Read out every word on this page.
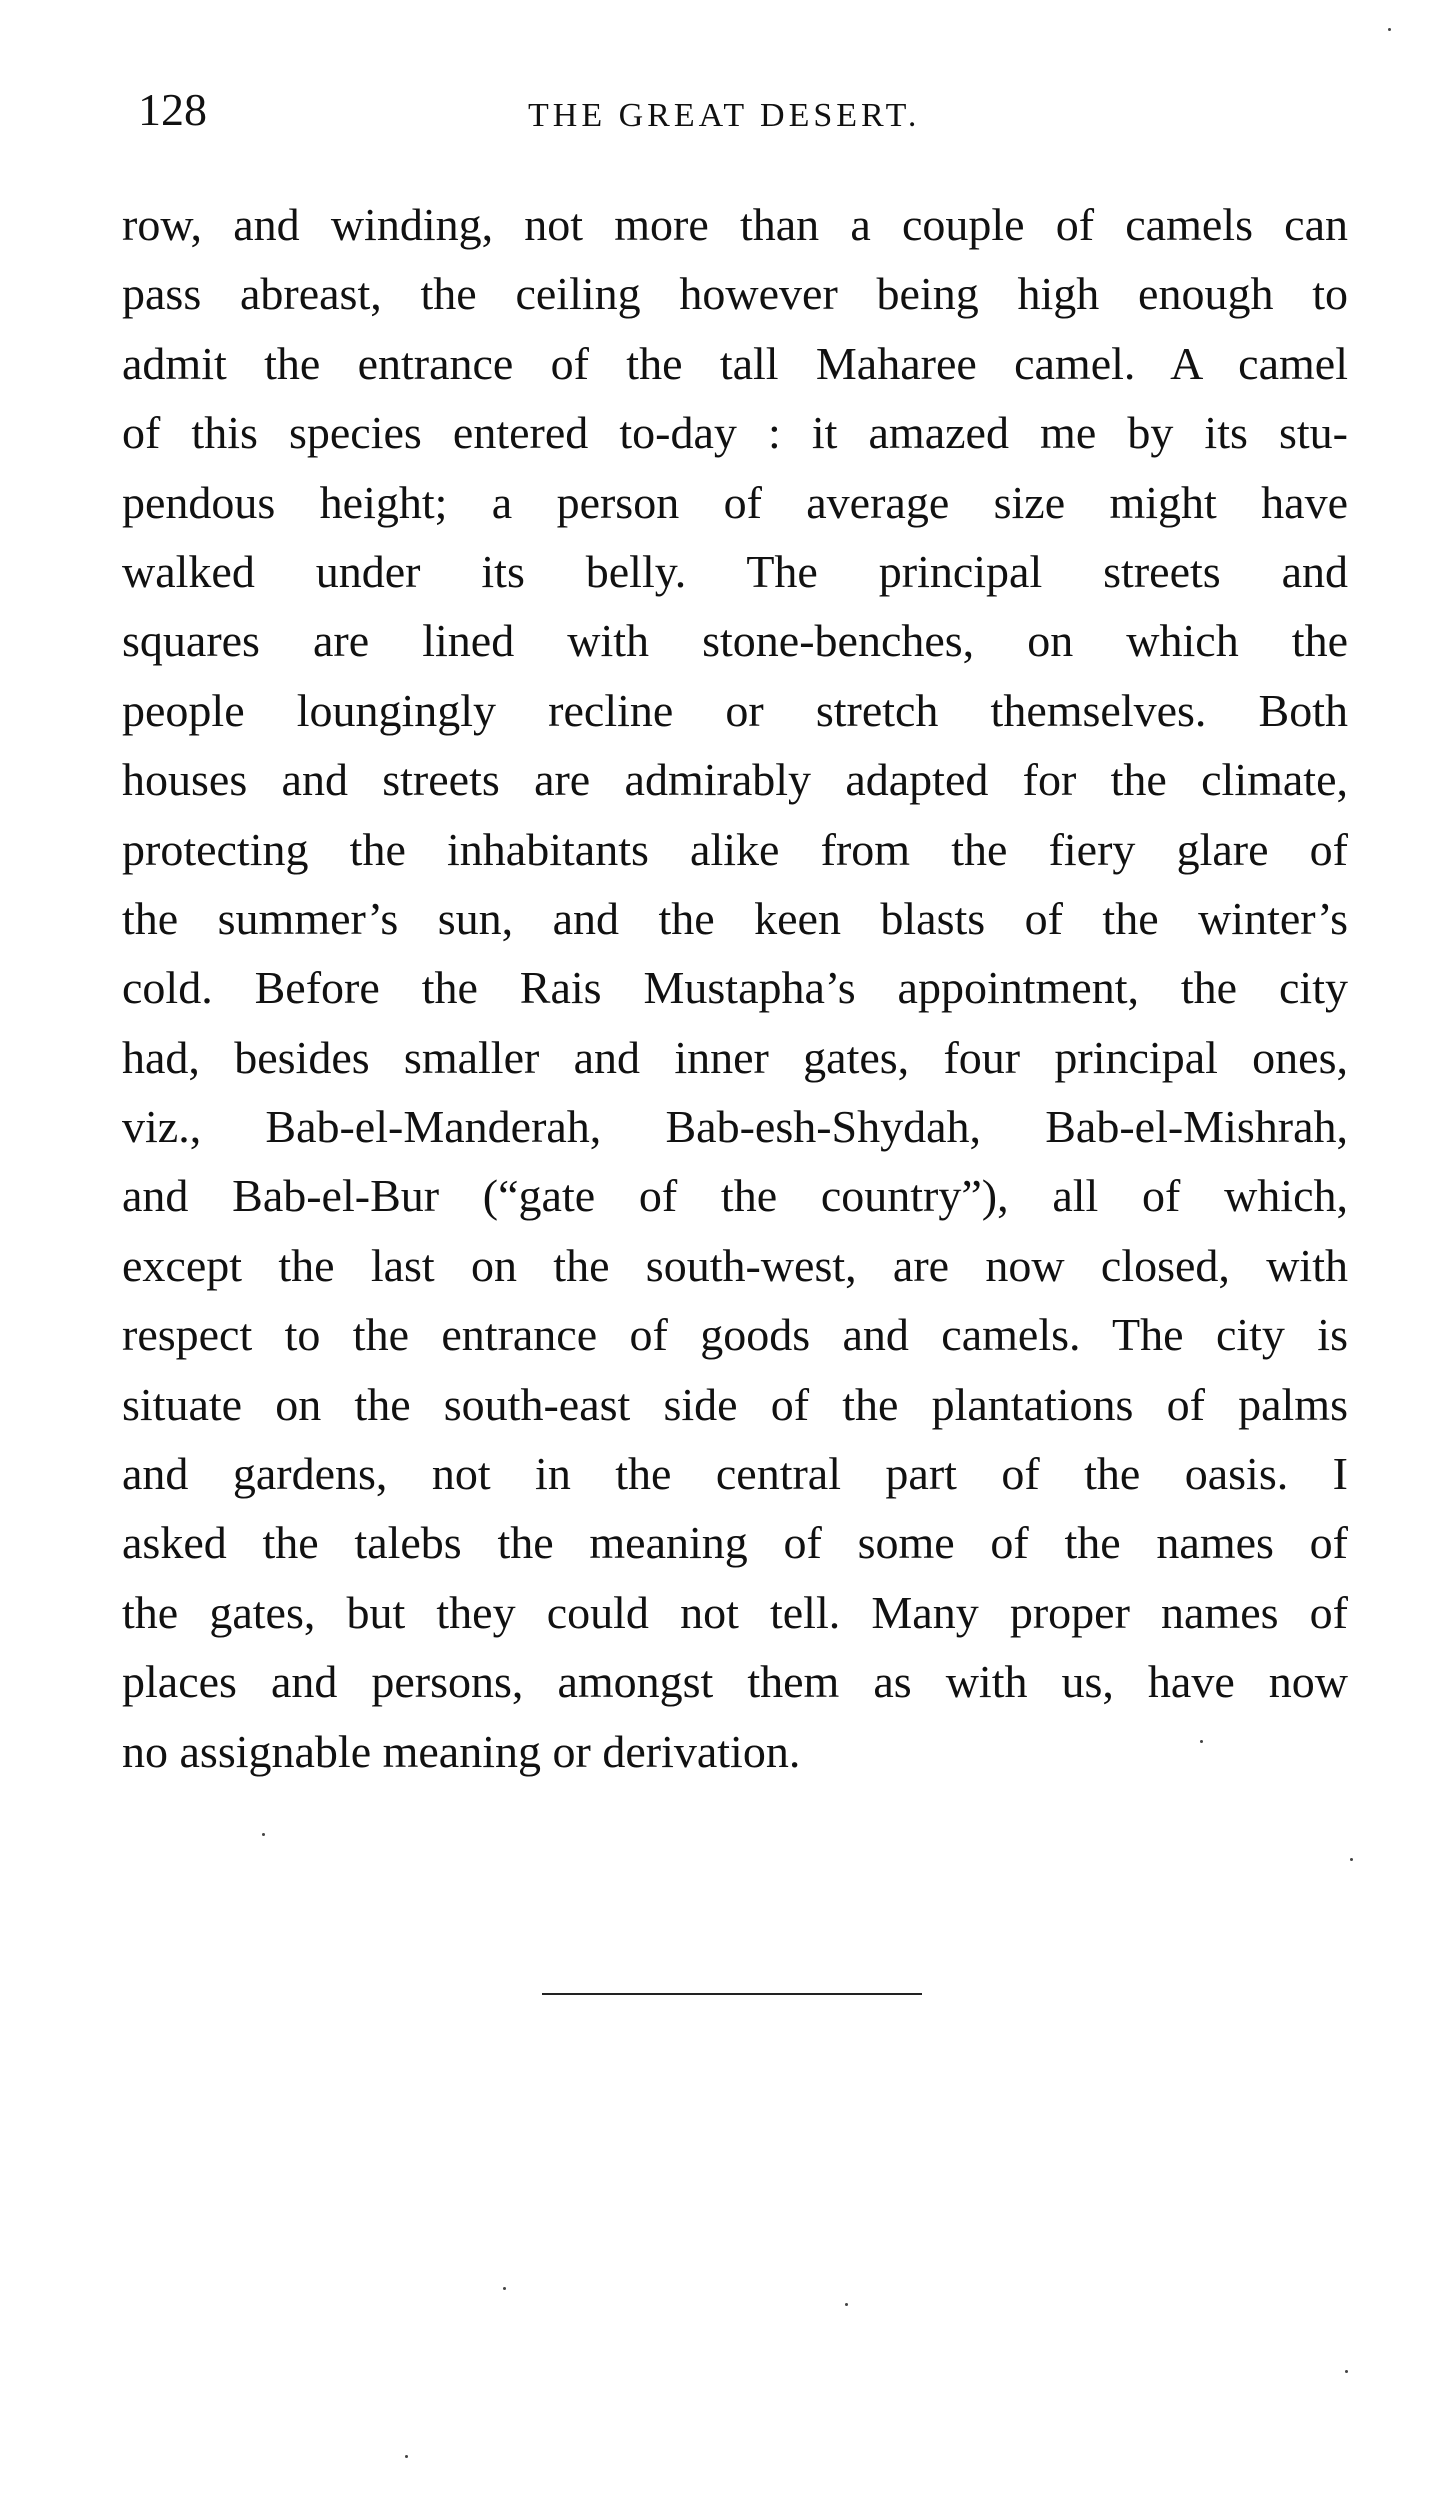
128	THE GREAT DESERT.
row, and winding, not more than a couple of camels can
pass abreast, the ceiling however being high enough to
admit the entrance of the tall Maharee camel. A camel
of this species entered to-day : it amazed me by its stu-
pendous height; a person of average size might have
walked under its belly. The principal streets and
squares are lined with stone-benches, on which the
people loungingly recline or stretch themselves. Both
houses and streets are admirably adapted for the climate,
protecting the inhabitants alike from the fiery glare of
the summer’s sun, and the keen blasts of the winter’s
cold. Before the Rais Mustapha’s appointment, the city
had, besides smaller and inner gates, four principal ones,
viz., Bab-el-Manderah, Bab-esh-Shydah, Bab-el-Mishrah,
and Bab-el-Bur (“gate of the country”), all of which,
except the last on the south-west, are now closed, with
respect to the entrance of goods and camels. The city is
situate on the south-east side of the plantations of palms
and gardens, not in the central part of the oasis. I
asked the talebs the meaning of some of the names of
the gates, but they could not tell. Many proper names of
places and persons, amongst them as with us, have now
no assignable meaning or derivation.
